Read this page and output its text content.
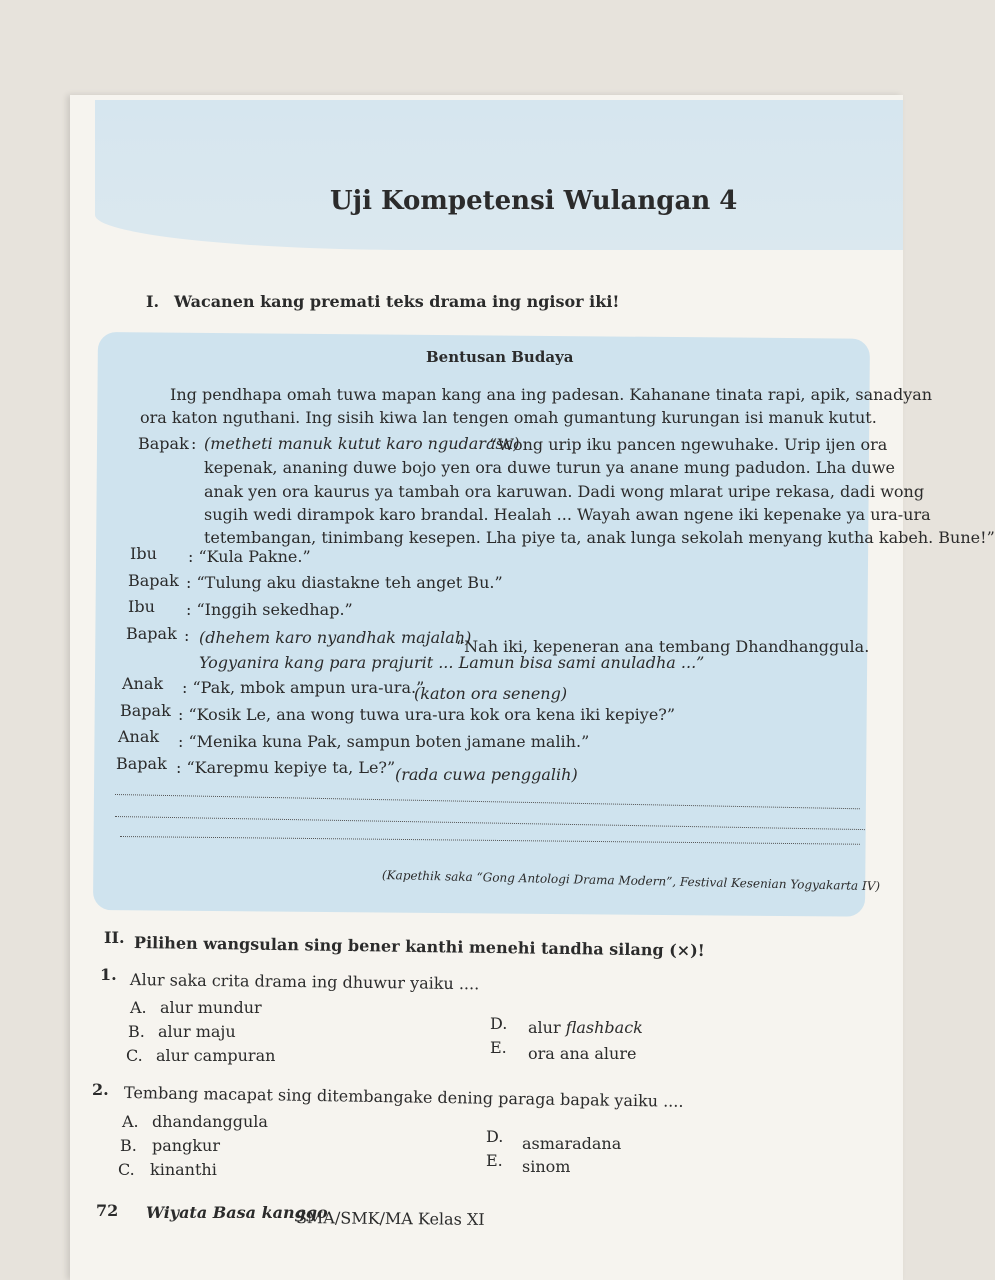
Uji Kompetensi Wulangan 4
I. Wacanen kang premati teks drama ing ngisor iki!
Bentusan Budaya
Ing pendhapa omah tuwa mapan kang ana ing padesan. Kahanane tinata rapi, apik, sanadyan
ora katon nguthani. Ing sisih kiwa lan tengen omah gumantung kurungan isi manuk kutut.
Bapak : (metheti manuk kutut karo ngudarasa)
“Wong urip iku pancen ngewuhake. Urip ijen ora
kepenak, ananing duwe bojo yen ora duwe turun ya anane mung padudon. Lha duwe
anak yen ora kaurus ya tambah ora karuwan. Dadi wong mlarat uripe rekasa, dadi wong
sugih wedi dirampok karo brandal. Healah ... Wayah awan ngene iki kepenake ya ura-ura
tetembangan, tinimbang kesepen. Lha piye ta, anak lunga sekolah menyang kutha kabeh. Bune!”
Ibu : “Kula Pakne.”
Bapak : “Tulung aku diastakne teh anget Bu.”
Ibu : “Inggih sekedhap.”
Bapak : (dhehem karo nyandhak majalah)
“Nah iki, kepeneran ana tembang Dhandhanggula.
Yogyanira kang para prajurit ... Lamun bisa sami anuladha ...”
Anak : “Pak, mbok ampun ura-ura.”
(katon ora seneng)
Bapak : “Kosik Le, ana wong tuwa ura-ura kok ora kena iki kepiye?”
Anak : “Menika kuna Pak, sampun boten jamane malih.”
Bapak : “Karepmu kepiye ta, Le?” (rada cuwa penggalih)
(Kapethik saka “Gong Antologi Drama Modern”, Festival Kesenian Yogyakarta IV)
II. Pilihen wangsulan sing bener kanthi menehi tandha silang (×)!
1. Alur saka crita drama ing dhuwur yaiku ....
A. alur mundur
B. alur maju
C. alur campuran
D. alur flashback
E. ora ana alure
2. Tembang macapat sing ditembangake dening paraga bapak yaiku ....
A. dhandanggula
B. pangkur
C. kinanthi
D. asmaradana
E. sinom
72 Wiyata Basa kanggo
SMA/SMK/MA Kelas XI
